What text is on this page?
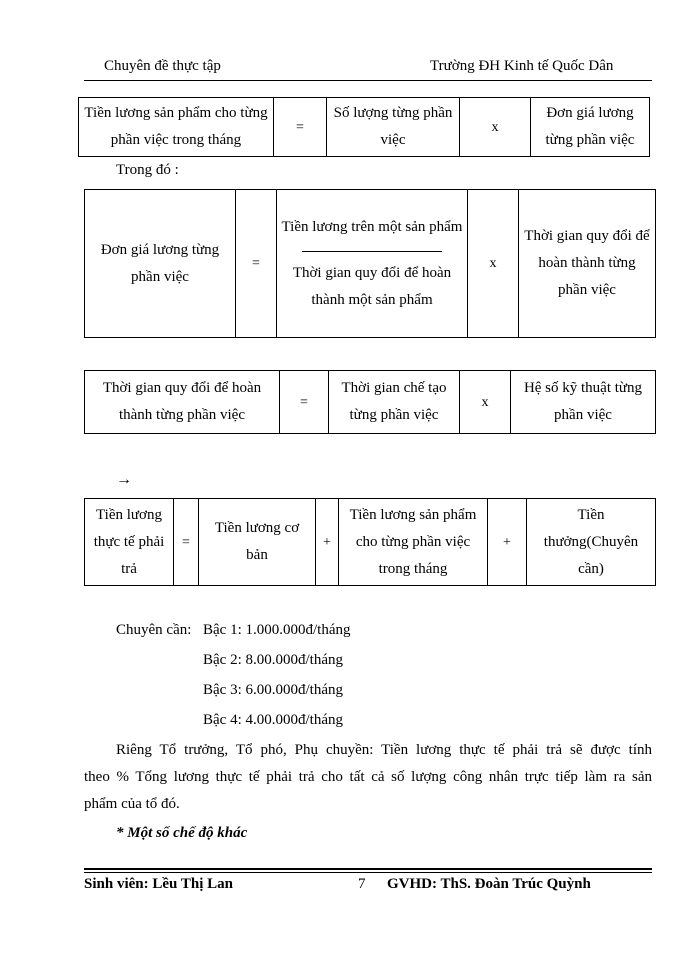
Chuyên đề thực tập	Trường ĐH Kinh tế Quốc Dân
Tiền lương sản phẩm cho từng phần việc trong tháng	=	Số lượng từng phần việc	x	Đơn giá lương từng phần việc
Trong đó :
Đơn giá lương từng phần việc	=	$\frac{\text{Tiền lương trên một sản phẩm}}{\text{Thời gian quy đổi để hoàn thành một sản phẩm}}$	x	Thời gian quy đổi để hoàn thành từng phần việc
Thời gian quy đổi để hoàn thành từng phần việc	=	Thời gian chế tạo từng phần việc	x	Hệ số kỹ thuật từng phần việc
→
Tiền lương thực tế phải trả	=	Tiền lương cơ bản	+	Tiền lương sản phẩm cho từng phần việc trong tháng	+	Tiền thưởng(Chuyên cần)
Chuyên cần: Bậc 1: 1.000.000đ/tháng
Bậc 2: 8.00.000đ/tháng
Bậc 3: 6.00.000đ/tháng
Bậc 4: 4.00.000đ/tháng
Riêng Tổ trưởng, Tổ phó, Phụ chuyền: Tiền lương thực tế phải trả sẽ được tính
theo % Tổng lương thực tế phải trả cho tất cả số lượng công nhân trực tiếp làm ra sản
phẩm của tổ đó.
* Một số chế độ khác
Sinh viên: Lều Thị Lan	7 GVHD: ThS. Đoàn Trúc Quỳnh
